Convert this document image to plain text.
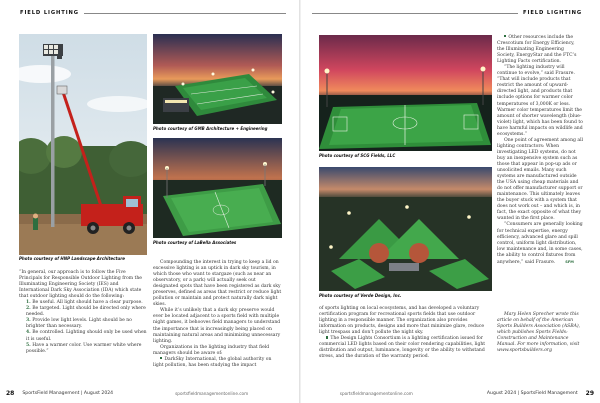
FIELD LIGHTING
Photo courtesy of HNP Landscape Architecture
Photo courtesy of GMB Architecture + Engineering
Photo courtesy of LaBella Associates

“In general, our approach is to follow the Five Principals for Responsible Outdoor Lighting from the Illuminating Engineering Society (IES) and International Dark Sky Association (IDA) which state that outdoor lighting should do the following:

1. Be useful. All light should have a clear purpose.

2. Be targeted. Light should be directed only where needed.

3. Provide low light levels. Light should be no brighter than necessary.

4. Be controlled. Lighting should only be used when it is useful.

5. Have a warmer color. Use warmer white where possible.”

Compounding the interest in trying to keep a lid on excessive lighting is an uptick in dark sky tourism, in which those who want to stargaze (such as near an observatory, or a park) will actually seek out designated spots that have been registered as dark sky preserves, defined as areas that restrict or reduce light pollution or maintain and protect naturally dark night skies.

While it’s unlikely that a dark sky preserve would ever be located adjacent to a sports field with multiple night games, it behooves field managers to understand the importance that is increasingly being placed on maintaining natural areas and minimizing unnecessary lighting.

Organizations in the lighting industry that field managers should be aware of:

DarkSky International, the global authority on light pollution, has been studying the impact

28 SportsField Management | August 2024	sportsfieldmanagementonline.com
FIELD LIGHTING
Photo courtesy of SCG Fields, LLC
Photo courtesy of Verde Design, Inc.

of sports lighting on local ecosystems, and has developed a voluntary certification program for recreational sports fields that use outdoor lighting in a responsible manner. The organization also provides information on products, designs and more that minimize glare, reduce light trespass and don’t pollute the night sky.

The Design Lights Consortium is a lighting certification issued for commercial LED lights based on their color rendering capabilities, light distribution and output, luminance, longevity or the ability to withstand stress, and the duration of the warranty period.

Other resources include the Crescotium for Energy Efficiency, the Illuminating Engineering Society, EnergyStar and the FTC’s Lighting Facts certification.

“The lighting industry will continue to evolve,” said Frasure. “That will include products that restrict the amount of upward-directed light, and products that include options for warmer color temperatures of 3,000K or less. Warmer color temperatures limit the amount of shorter wavelength (blue-violet) light, which has been found to have harmful impacts on wildlife and ecosystems.”

One point of agreement among all lighting contractors: When investigating LED systems, do not buy an inexpensive system such as those that appear in pop-up ads or unsolicited emails. Many such systems are manufactured outside the USA using cheap materials and do not offer manufacturer support or maintenance. This ultimately leaves the buyer stuck with a system that does not work out – and which is, in fact, the exact opposite of what they wanted in the first place.

“Consumers are generally looking for technical expertise, energy efficiency, advanced glare and spill control, uniform light distribution, low maintenance and, in some cases, the ability to control fixtures from anywhere,” said Frasure.	SFM

Mary Helen Sprecher wrote this article on behalf of the American Sports Builders Association (ASBA), which publishes Sports Fields: Construction and Maintenance Manual. For more information, visit www.sportsbuilders.org

sportsfieldmanagementonline.com	August 2024 | SportsField Management 29
